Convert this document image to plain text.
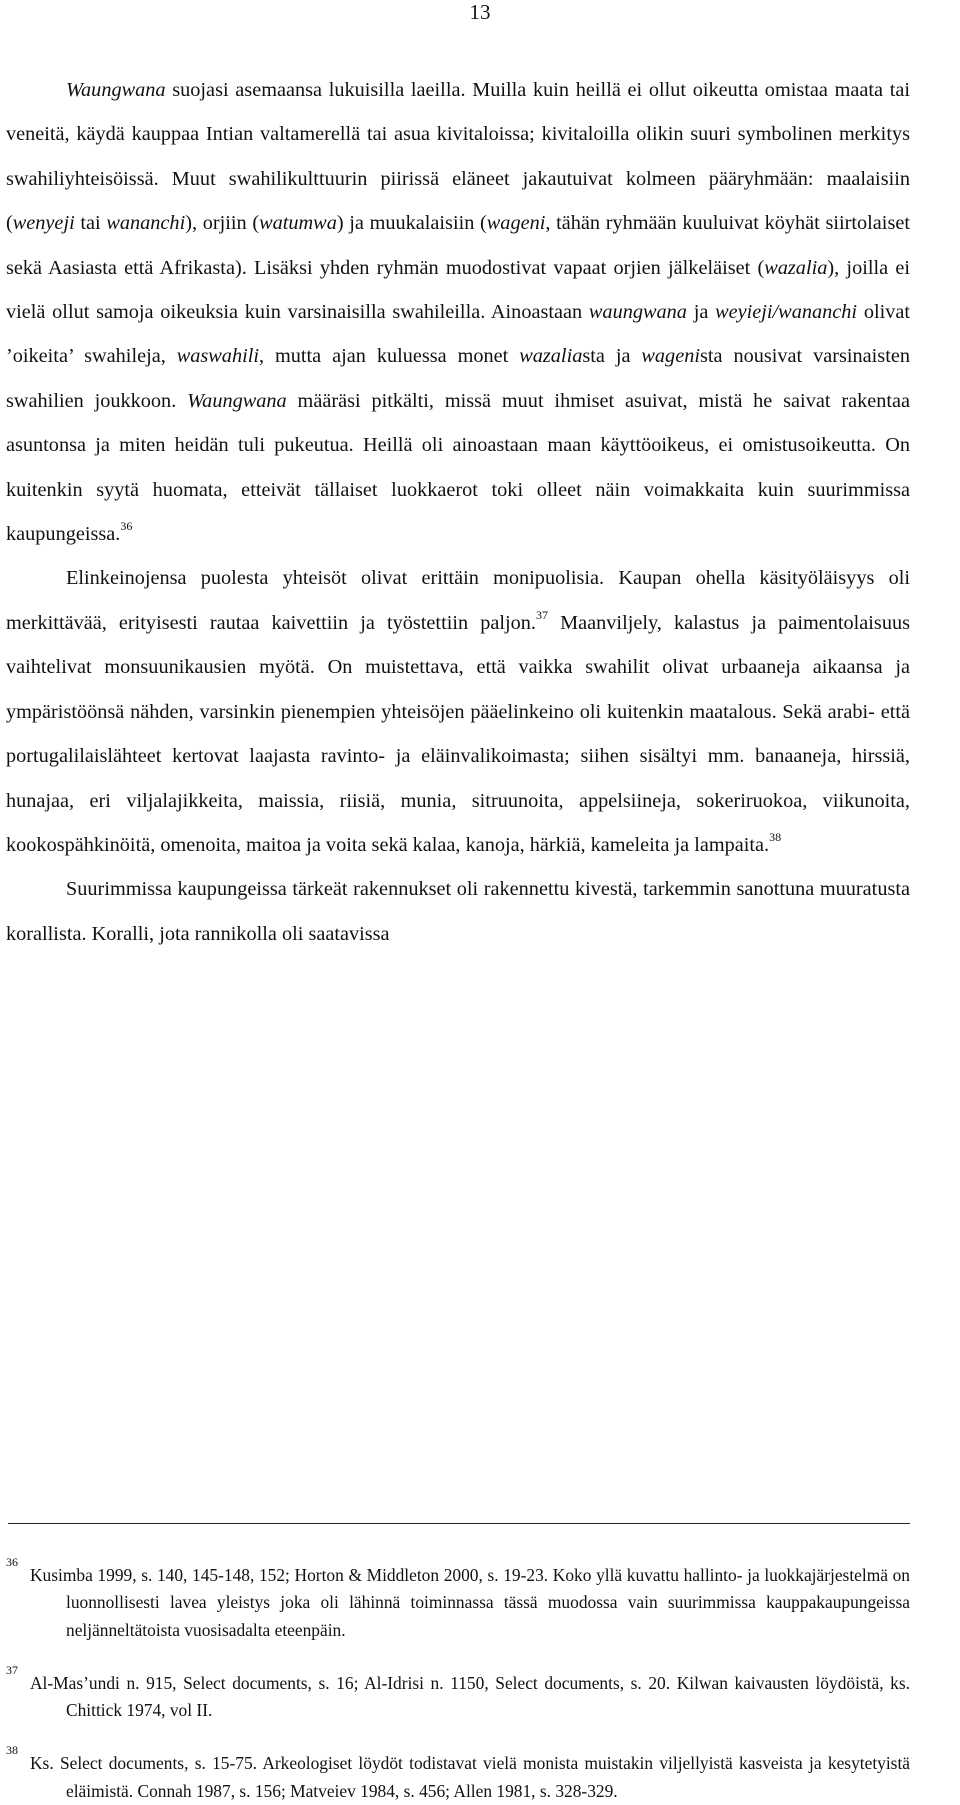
13

Waungwana suojasi asemaansa lukuisilla laeilla. Muilla kuin heillä ei ollut oikeutta omistaa maata tai veneitä, käydä kauppaa Intian valtamerellä tai asua kivitaloissa; kivitaloilla olikin suuri symbolinen merkitys swahiliyhteisöissä. Muut swahilikulttuurin piirissä eläneet jakautuivat kolmeen pääryhmään: maalaisiin (wenyeji tai wananchi), orjiin (watumwa) ja muukalaisiin (wageni, tähän ryhmään kuuluivat köyhät siirtolaiset sekä Aasiasta että Afrikasta). Lisäksi yhden ryhmän muodostivat vapaat orjien jälkeläiset (wazalia), joilla ei vielä ollut samoja oikeuksia kuin varsinaisilla swahileilla. Ainoastaan waungwana ja weyieji/wananchi olivat ’oikeita’ swahileja, waswahili, mutta ajan kuluessa monet wazaliasta ja wagenista nousivat varsinaisten swahilien joukkoon. Waungwana määräsi pitkälti, missä muut ihmiset asuivat, mistä he saivat rakentaa asuntonsa ja miten heidän tuli pukeutua. Heillä oli ainoastaan maan käyttöoikeus, ei omistusoikeutta. On kuitenkin syytä huomata, etteivät tällaiset luokkaerot toki olleet näin voimakkaita kuin suurimmissa kaupungeissa.$^{36}$

Elinkeinojensa puolesta yhteisöt olivat erittäin monipuolisia. Kaupan ohella käsityöläisyys oli merkittävää, erityisesti rautaa kaivettiin ja työstettiin paljon.$^{37}$ Maanviljely, kalastus ja paimentolaisuus vaihtelivat monsuunikausien myötä. On muistettava, että vaikka swahilit olivat urbaaneja aikaansa ja ympäristöönsä nähden, varsinkin pienempien yhteisöjen pääelinkeino oli kuitenkin maatalous. Sekä arabi- että portugalilaislähteet kertovat laajasta ravinto- ja eläinvalikoimasta; siihen sisältyi mm. banaaneja, hirssiä, hunajaa, eri viljalajikkeita, maissia, riisiä, munia, sitruunoita, appelsiineja, sokeriruokoa, viikunoita, kookospähkinöitä, omenoita, maitoa ja voita sekä kalaa, kanoja, härkiä, kameleita ja lampaita.$^{38}$

Suurimmissa kaupungeissa tärkeät rakennukset oli rakennettu kivestä, tarkemmin sanottuna muuratusta korallista. Koralli, jota rannikolla oli saatavissa

36
Kusimba 1999, s. 140, 145-148, 152; Horton & Middleton 2000, s. 19-23. Koko yllä kuvattu hallinto- ja luokkajärjestelmä on luonnollisesti lavea yleistys joka oli lähinnä toiminnassa tässä muodossa vain suurimmissa kauppakaupungeissa neljänneltätoista vuosisadalta eteenpäin.

37
Al-Mas’undi n. 915, Select documents, s. 16; Al-Idrisi n. 1150, Select documents, s. 20. Kilwan kaivausten löydöistä, ks. Chittick 1974, vol II.

38
Ks. Select documents, s. 15-75. Arkeologiset löydöt todistavat vielä monista muistakin viljellyistä kasveista ja kesytetyistä eläimistä. Connah 1987, s. 156; Matveiev 1984, s. 456; Allen 1981, s. 328-329.
